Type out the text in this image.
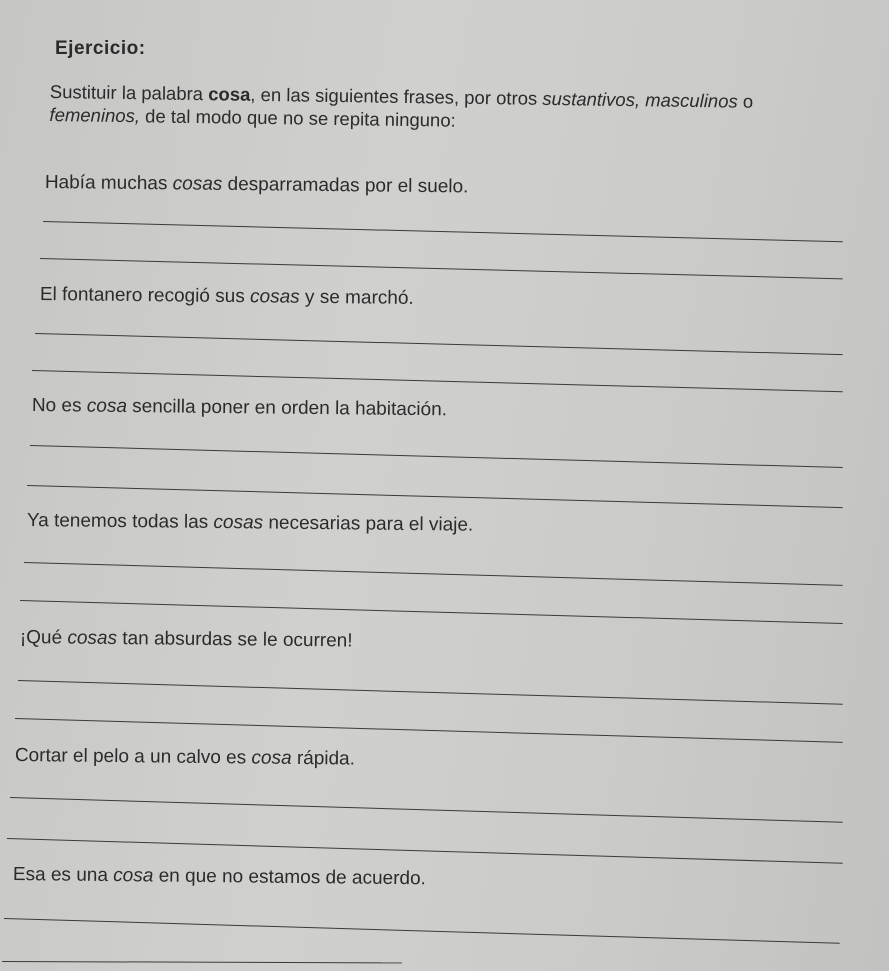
Ejercicio:
Sustituir la palabra cosa, en las siguientes frases, por otros sustantivos, masculinos o
femeninos, de tal modo que no se repita ninguno:
Había muchas cosas desparramadas por el suelo.
El fontanero recogió sus cosas y se marchó.
No es cosa sencilla poner en orden la habitación.
Ya tenemos todas las cosas necesarias para el viaje.
¡Qué cosas tan absurdas se le ocurren!
Cortar el pelo a un calvo es cosa rápida.
Esa es una cosa en que no estamos de acuerdo.
